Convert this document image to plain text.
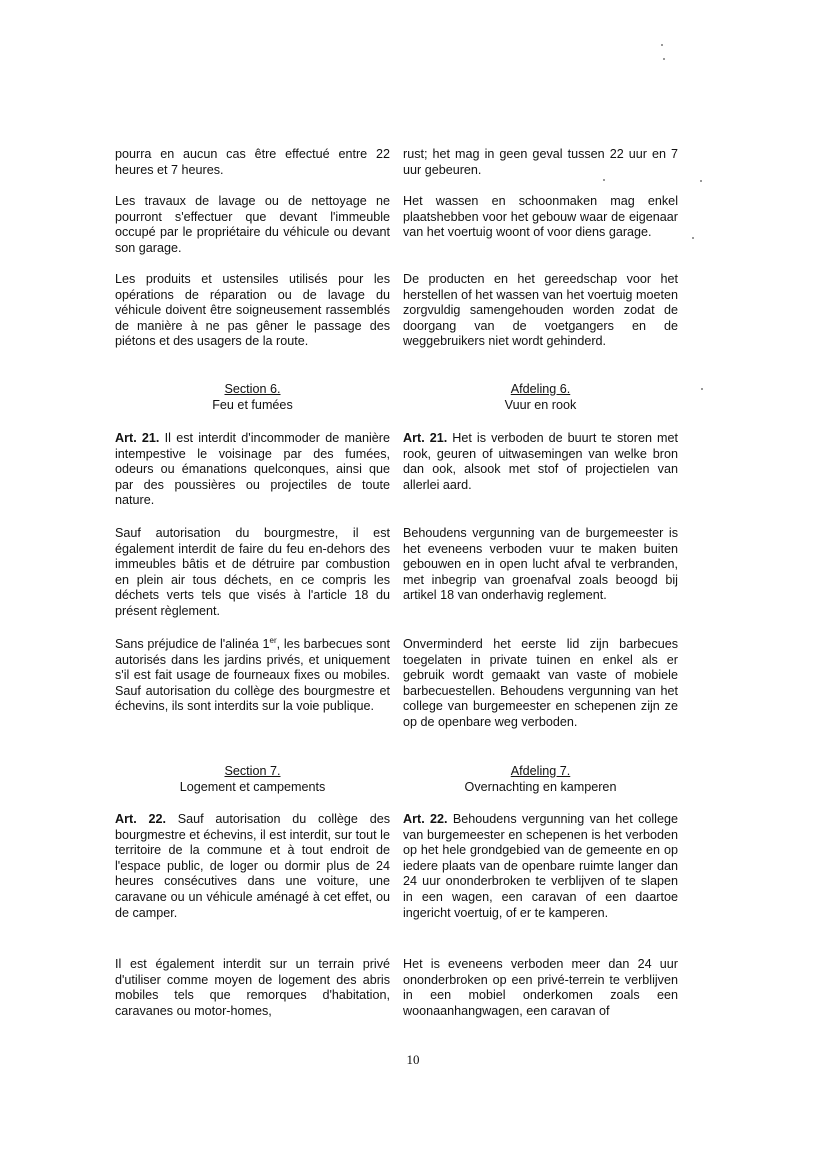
pourra en aucun cas être effectué entre 22 heures et 7 heures.

Les travaux de lavage ou de nettoyage ne pourront s'effectuer que devant l'immeuble occupé par le propriétaire du véhicule ou devant son garage.

Les produits et ustensiles utilisés pour les opérations de réparation ou de lavage du véhicule doivent être soigneusement rassemblés de manière à ne pas gêner le passage des piétons et des usagers de la route.

Section 6.
Feu et fumées

Art. 21. Il est interdit d'incommoder de manière intempestive le voisinage par des fumées, odeurs ou émanations quelconques, ainsi que par des poussières ou projectiles de toute nature.

Sauf autorisation du bourgmestre, il est également interdit de faire du feu en-dehors des immeubles bâtis et de détruire par combustion en plein air tous déchets, en ce compris les déchets verts tels que visés à l'article 18 du présent règlement.

Sans préjudice de l'alinéa 1er, les barbecues sont autorisés dans les jardins privés, et uniquement s'il est fait usage de fourneaux fixes ou mobiles. Sauf autorisation du collège des bourgmestre et échevins, ils sont interdits sur la voie publique.

Section 7.
Logement et campements

Art. 22. Sauf autorisation du collège des bourgmestre et échevins, il est interdit, sur tout le territoire de la commune et à tout endroit de l'espace public, de loger ou dormir plus de 24 heures consécutives dans une voiture, une caravane ou un véhicule aménagé à cet effet, ou de camper.

Il est également interdit sur un terrain privé d'utiliser comme moyen de logement des abris mobiles tels que remorques d'habitation, caravanes ou motor-homes,

rust; het mag in geen geval tussen 22 uur en 7 uur gebeuren.

Het wassen en schoonmaken mag enkel plaatshebben voor het gebouw waar de eigenaar van het voertuig woont of voor diens garage.

De producten en het gereedschap voor het herstellen of het wassen van het voertuig moeten zorgvuldig samengehouden worden zodat de doorgang van de voetgangers en de weggebruikers niet wordt gehinderd.

Afdeling 6.
Vuur en rook

Art. 21. Het is verboden de buurt te storen met rook, geuren of uitwasemingen van welke bron dan ook, alsook met stof of projectielen van allerlei aard.

Behoudens vergunning van de burgemeester is het eveneens verboden vuur te maken buiten gebouwen en in open lucht afval te verbranden, met inbegrip van groenafval zoals beoogd bij artikel 18 van onderhavig reglement.

Onverminderd het eerste lid zijn barbecues toegelaten in private tuinen en enkel als er gebruik wordt gemaakt van vaste of mobiele barbecuestellen. Behoudens vergunning van het college van burgemeester en schepenen zijn ze op de openbare weg verboden.

Afdeling 7.
Overnachting en kamperen

Art. 22. Behoudens vergunning van het college van burgemeester en schepenen is het verboden op het hele grondgebied van de gemeente en op iedere plaats van de openbare ruimte langer dan 24 uur ononderbroken te verblijven of te slapen in een wagen, een caravan of een daartoe ingericht voertuig, of er te kamperen.

Het is eveneens verboden meer dan 24 uur ononderbroken op een privé-terrein te verblijven in een mobiel onderkomen zoals een woonaanhangwagen, een caravan of

10
